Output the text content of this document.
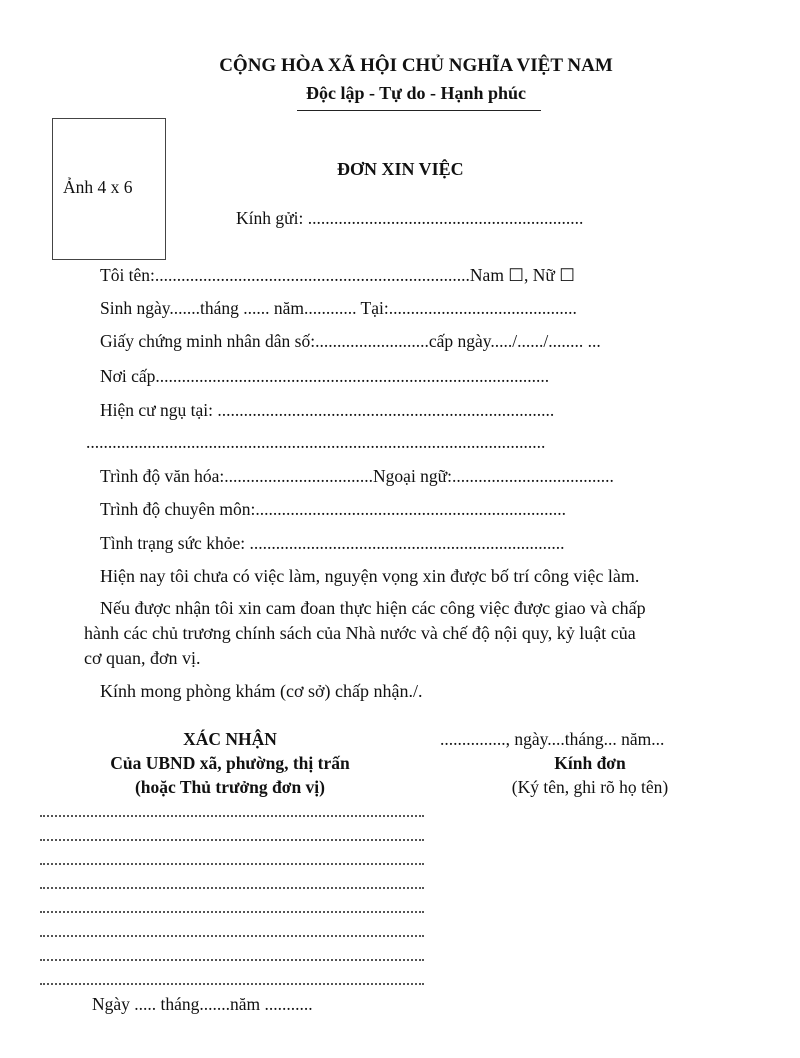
CỘNG HÒA XÃ HỘI CHỦ NGHĨA VIỆT NAM
Độc lập - Tự do - Hạnh phúc
Ảnh 4 x 6
ĐƠN XIN VIỆC
Kính gửi: ...............................................................
Tôi tên:........................................................................Nam ☐, Nữ ☐
Sinh ngày.......tháng ...... năm............ Tại:...........................................
Giấy chứng minh nhân dân số:..........................cấp ngày...../....../........ ...
Nơi cấp..........................................................................................
Hiện cư ngụ tại: .............................................................................
.........................................................................................................
Trình độ văn hóa:..................................Ngoại ngữ:.....................................
Trình độ chuyên môn:.......................................................................
Tình trạng sức khỏe: ........................................................................
Hiện nay tôi chưa có việc làm, nguyện vọng xin được bố trí công việc làm.
Nếu được nhận tôi xin cam đoan thực hiện các công việc được giao và chấp
hành các chủ trương chính sách của Nhà nước và chế độ nội quy, kỷ luật của
cơ quan, đơn vị.
Kính mong phòng khám (cơ sở) chấp nhận./.
XÁC NHẬN
Của UBND xã, phường, thị trấn
(hoặc Thủ trưởng đơn vị)
Ngày ..... tháng.......năm ...........
..............., ngày....tháng... năm...
Kính đơn
(Ký tên, ghi rõ họ tên)
